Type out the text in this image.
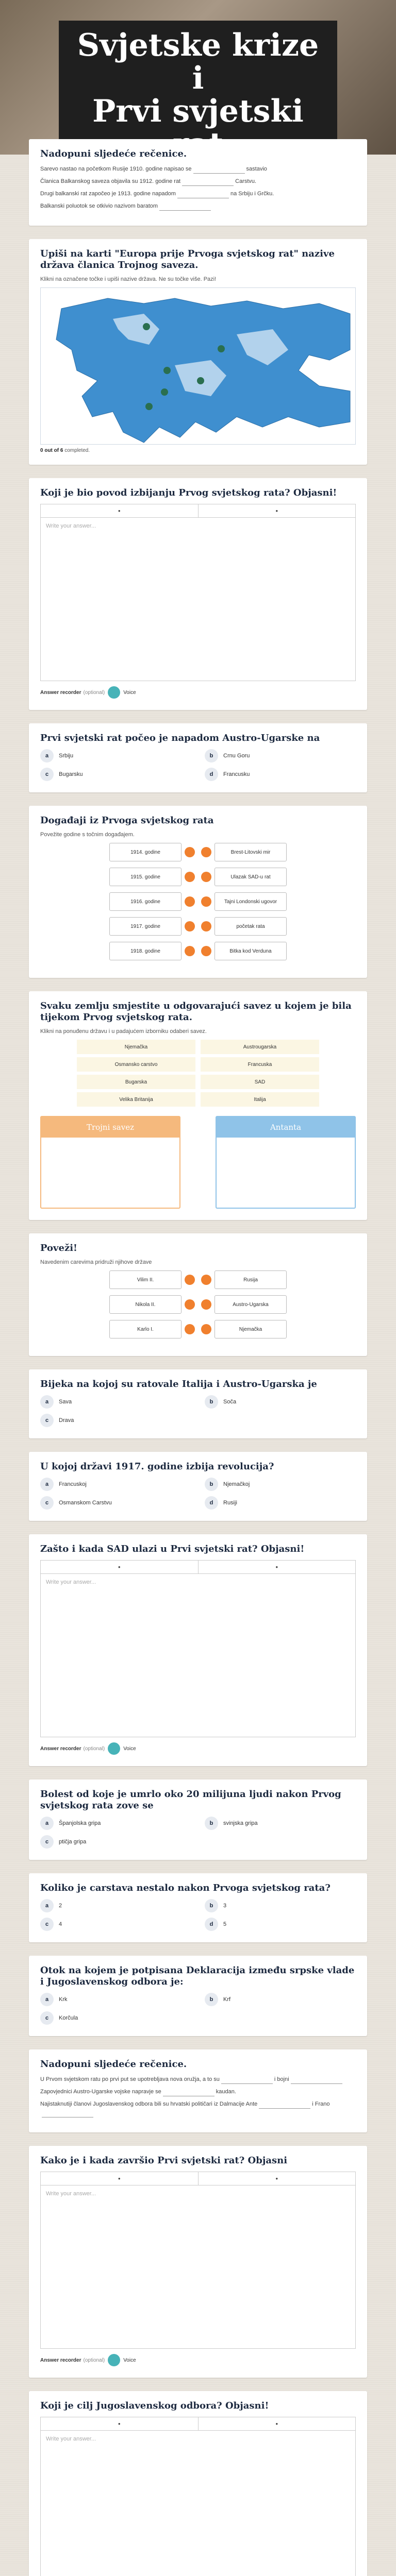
Svjetske krize i
Prvi svjetski

Nadopuni sljedeće rečenice.
Sarevo nastao na početkom Rusije 1910. godine napisao se	sastavio
Članica Balkanskog saveza objavila su 1912. godine rat	Carstvu.
Drugi balkanski rat započeo je 1913. godine napadom	na Srbiju i Grčku.
Balkanski poluotok se otkivio nazivom baratom
Upiši na karti "Europa prije Prvoga svjetskog rat" nazive država članica Trojnog saveza.
Klikni na označene točke i upiši nazive država. Ne su točke više. Pazi!
0 out of 6 completed.
Koji je bio povod izbijanju Prvog svjetskog rata? Objasni!
•	•
Write your answer...
Answer recorder (optional)	Voice
Prvi svjetski rat počeo je napadom Austro-Ugarske na
a	Srbiju	b	Crnu Goru
c	Bugarsku	d	Francusku
Događaji iz Prvoga svjetskog rata
Povežite godine s točnim događajem.
1914. godine	Brest-Litovski mir
1915. godine	Ulazak SAD-u rat
1916. godine	Tajni Londonski ugovor
1917. godine	početak rata
1918. godine	Bitka kod Verduna
Svaku zemlju smjestite u odgovarajući savez u kojem je bila tijekom Prvog svjetskog rata.
Klikni na ponuđenu državu i u padajućem izborniku odaberi savez.
Njemačka	Austrougarska
Osmansko carstvo	Francuska
Bugarska	SAD
Velika Britanija	Italija
Trojni savez	Antanta
Poveži!
Navedenim carevima pridruži njihove države
Vilim II.	Rusija
Nikola II.	Austro-Ugarska
Karlo I.	Njemačka
Bijeka na kojoj su ratovale Italija i Austro-Ugarska je
a	Sava	b	Soča
c	Drava
U kojoj državi 1917. godine izbija revolucija?
a	Francuskoj	b	Njemačkoj
c	Osmanskom Carstvu	d	Rusiji
Zašto i kada SAD ulazi u Prvi svjetski rat? Objasni!
•	•
Write your answer...
Answer recorder (optional)	Voice
Bolest od koje je umrlo oko 20 milijuna ljudi nakon Prvog svjetskog rata zove se
a	Španjolska gripa	b	svinjska gripa
c	ptičja gripa
Koliko je carstava nestalo nakon Prvoga svjetskog rata?
a	2	b	3
c	4	d	5
Otok na kojem je potpisana Deklaracija između srpske vlade i Jugoslavenskog odbora je:
a	Krk	b	Krf
c	Korčula
Nadopuni sljedeće rečenice.
U Prvom svjetskom ratu po prvi put se upotrebljava nova oružja, a to su	i bojni
Zapovjednici Austro-Ugarske vojske napravje se	kaudan.
Najistaknutiji članovi Jugoslavenskog odbora bili su hrvatski političari iz Dalmacije Ante	i Frano
Kako je i kada završio Prvi svjetski rat? Objasni
•	•
Write your answer...
Answer recorder (optional)	Voice
Koji je cilj Jugoslavenskog odbora? Objasni!
•	•
Write your answer...
